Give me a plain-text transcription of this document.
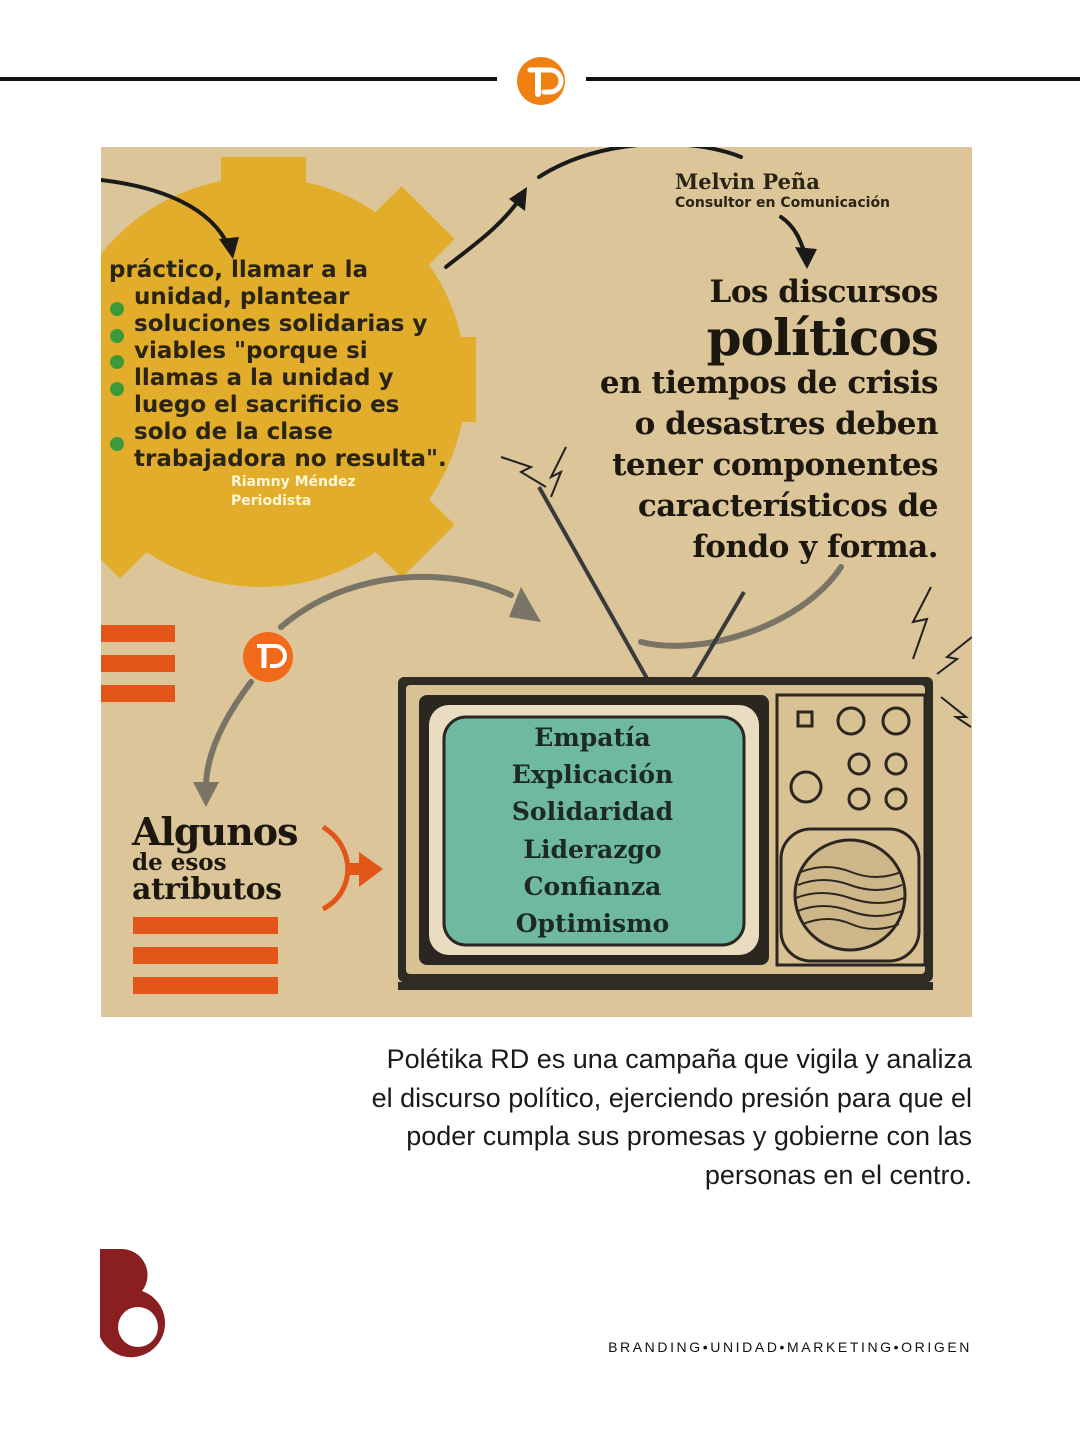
práctico, llamar a la
unidad, plantear
soluciones solidarias y
viables "porque si
llamas a la unidad y
luego el sacrificio es
solo de la clase
trabajadora no resulta".
Riamny Méndez
Periodista
Melvin Peña
Consultor en Comunicación
Los discursos
políticos
en tiempos de crisis
o desastres deben
tener componentes
característicos de
fondo y forma.
Algunos
de esos
atributos
Empatía
Explicación
Solidaridad
Liderazgo
Confianza
Optimismo
Polétika RD es una campaña que vigila y analiza
el discurso político, ejerciendo presión para que el
poder cumpla sus promesas y gobierne con las
personas en el centro.
BRANDING•UNIDAD•MARKETING•ORIGEN
